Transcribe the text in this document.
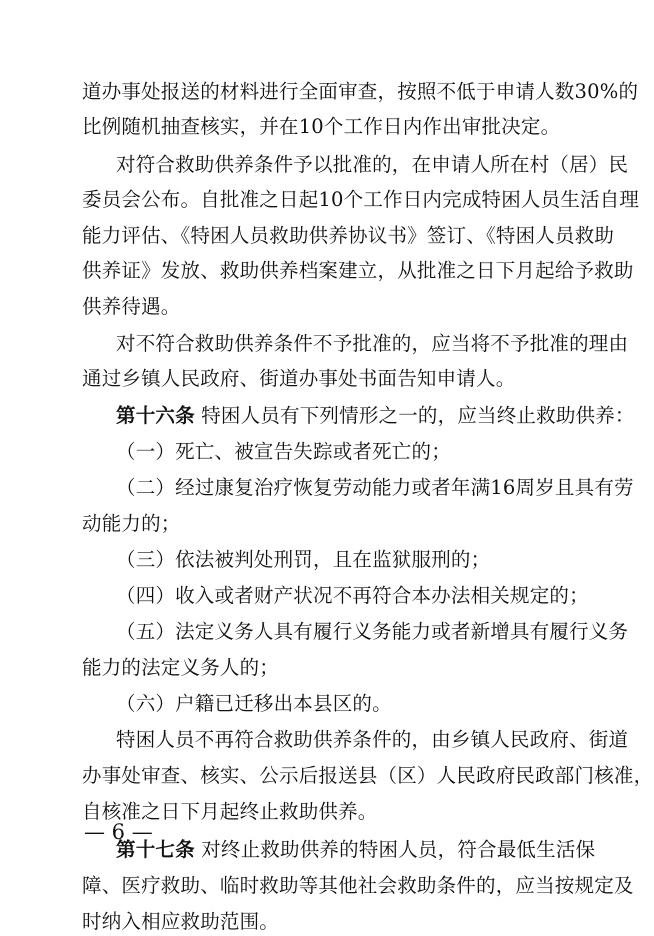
道办事处报送的材料进行全面审查，按照不低于申请人数30%的
比例随机抽查核实，并在10个工作日内作出审批决定。
对符合救助供养条件予以批准的，在申请人所在村（居）民
委员会公布。自批准之日起10个工作日内完成特困人员生活自理
能力评估、《特困人员救助供养协议书》签订、《特困人员救助
供养证》发放、救助供养档案建立，从批准之日下月起给予救助
供养待遇。
对不符合救助供养条件不予批准的，应当将不予批准的理由
通过乡镇人民政府、街道办事处书面告知申请人。
第十六条 特困人员有下列情形之一的，应当终止救助供养：
（一）死亡、被宣告失踪或者死亡的；
（二）经过康复治疗恢复劳动能力或者年满16周岁且具有劳
动能力的；
（三）依法被判处刑罚，且在监狱服刑的；
（四）收入或者财产状况不再符合本办法相关规定的；
（五）法定义务人具有履行义务能力或者新增具有履行义务
能力的法定义务人的；
（六）户籍已迁移出本县区的。
特困人员不再符合救助供养条件的，由乡镇人民政府、街道
办事处审查、核实、公示后报送县（区）人民政府民政部门核准，
自核准之日下月起终止救助供养。
第十七条 对终止救助供养的特困人员，符合最低生活保
障、医疗救助、临时救助等其他社会救助条件的，应当按规定及
时纳入相应救助范围。
— 6 —
